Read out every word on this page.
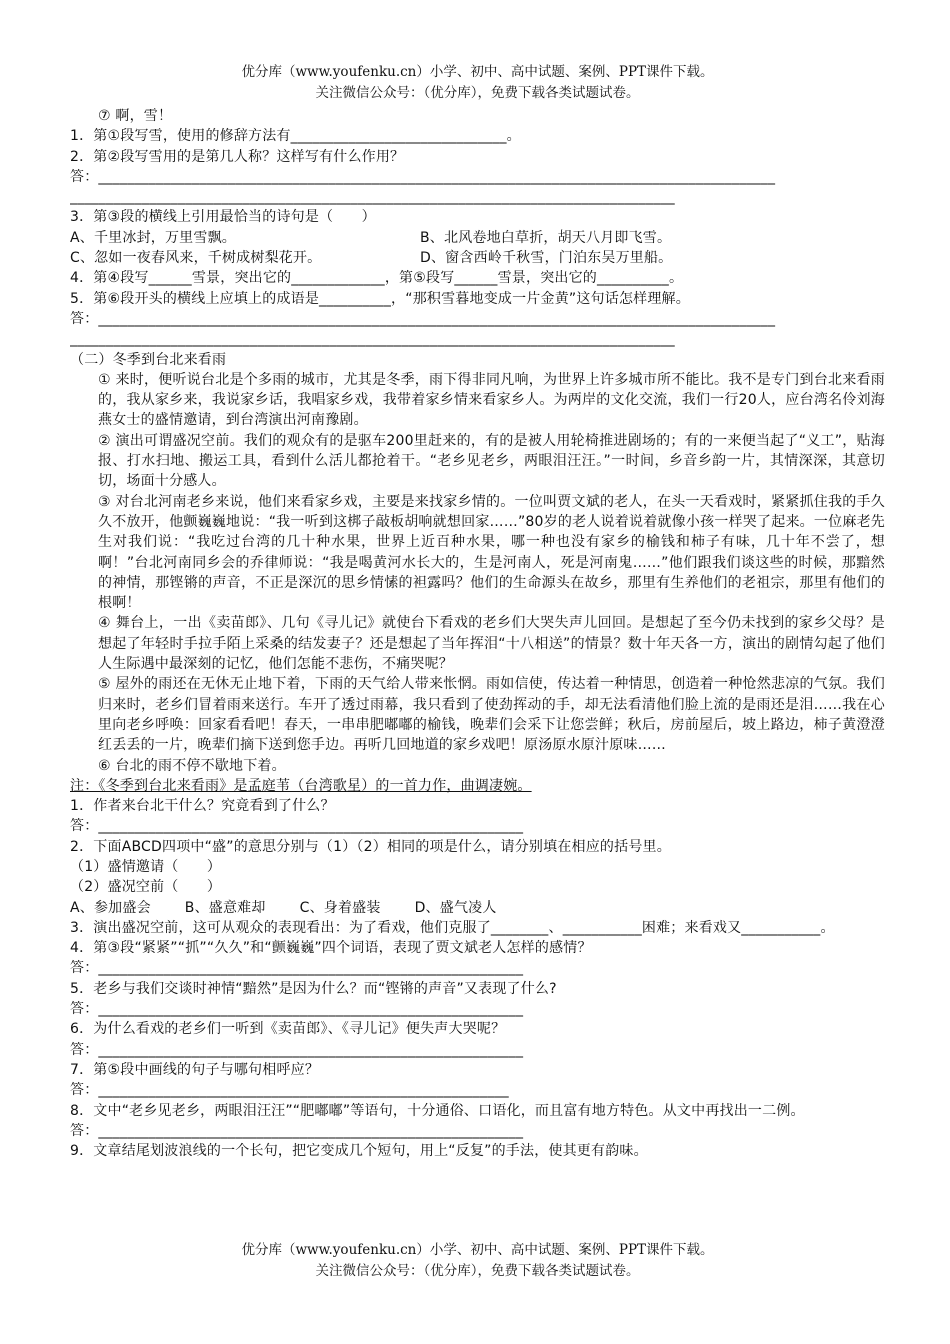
优分库（www.youfenku.cn）小学、初中、高中试题、案例、PPT课件下载。
关注微信公众号：（优分库），免费下载各类试题试卷。
⑦ 啊，雪！
1．第①段写雪，使用的修辞方法有______________________________。
2．第②段写雪用的是第几人称？这样写有什么作用？
答：______________________________________________________________________________________________
____________________________________________________________________________________
3．第③段的横线上引用最恰当的诗句是（　　）
A、千里冰封，万里雪飘。	B、北风卷地白草折，胡天八月即飞雪。
C、忽如一夜春风来，千树成树梨花开。	D、窗含西岭千秋雪，门泊东吴万里船。
4．第④段写______雪景，突出它的_____________，第⑤段写______雪景，突出它的__________。
5．第⑥段开头的横线上应填上的成语是__________，“那积雪暮地变成一片金黄”这句话怎样理解。
答：______________________________________________________________________________________________
____________________________________________________________________________________
（二）冬季到台北来看雨
① 来时，便听说台北是个多雨的城市，尤其是冬季，雨下得非同凡响，为世界上许多城市所不能比。我不是专门到台北来看雨的，我从家乡来，我说家乡话，我唱家乡戏，我带着家乡情来看家乡人。为两岸的文化交流，我们一行20人，应台湾名伶刘海燕女士的盛情邀请，到台湾演出河南豫剧。
② 演出可谓盛况空前。我们的观众有的是驱车200里赶来的，有的是被人用轮椅推进剧场的；有的一来便当起了“义工”，贴海报、打水扫地、搬运工具，看到什么活儿都抢着干。“老乡见老乡，两眼泪汪汪。”一时间，乡音乡韵一片，其情深深，其意切切，场面十分感人。
③ 对台北河南老乡来说，他们来看家乡戏，主要是来找家乡情的。一位叫贾文斌的老人，在头一天看戏时，紧紧抓住我的手久久不放开，他颤巍巍地说：“我一听到这梆子敲板胡响就想回家……”80岁的老人说着说着就像小孩一样哭了起来。一位麻老先生对我们说：“我吃过台湾的几十种水果，世界上近百种水果，哪一种也没有家乡的榆钱和柿子有味，几十年不尝了，想啊！”台北河南同乡会的乔律师说：“我是喝黄河水长大的，生是河南人，死是河南鬼……”他们跟我们谈这些的时候，那黯然的神情，那铿锵的声音，不正是深沉的思乡情愫的袒露吗？他们的生命源头在故乡，那里有生养他们的老祖宗，那里有他们的根啊！
④ 舞台上，一出《卖苗郎》、几句《寻儿记》就使台下看戏的老乡们大哭失声儿回回。是想起了至今仍未找到的家乡父母？是想起了年轻时手拉手陌上采桑的结发妻子？还是想起了当年挥泪“十八相送”的情景？数十年天各一方，演出的剧情勾起了他们人生际遇中最深刻的记忆，他们怎能不悲伤，不痛哭呢？
⑤ 屋外的雨还在无休无止地下着，下雨的天气给人带来怅惘。雨如信使，传达着一种情思，创造着一种怆然悲凉的气氛。我们归来时，老乡们冒着雨来送行。车开了透过雨幕，我只看到了使劲挥动的手，却无法看清他们脸上流的是雨还是泪……我在心里向老乡呼唤：回家看看吧！春天，一串串肥嘟嘟的榆钱，晚辈们会采下让您尝鲜；秋后，房前屋后，坡上路边，柿子黄澄澄红丢丢的一片，晚辈们摘下送到您手边。再听几回地道的家乡戏吧！原汤原水原汁原味……
⑥ 台北的雨不停不歇地下着。
注：《冬季到台北来看雨》是孟庭苇（台湾歌星）的一首力作，曲调凄婉。
1．作者来台北干什么？究竟看到了什么？
答：___________________________________________________________
2．下面ABCD四项中“盛”的意思分别与（1）（2）相同的项是什么，请分别填在相应的括号里。
（1）盛情邀请（　　）
（2）盛况空前（　　）
A、参加盛会 B、盛意难却 C、身着盛装 D、盛气凌人
3．演出盛况空前，这可从观众的表现看出：为了看戏，他们克服了________、___________困难；来看戏又___________。
4．第③段“紧紧”“抓”“久久”和“颤巍巍”四个词语，表现了贾文斌老人怎样的感情？
答：___________________________________________________________
5．老乡与我们交谈时神情“黯然”是因为什么？而“铿锵的声音”又表现了什么?
答：___________________________________________________________
6．为什么看戏的老乡们一听到《卖苗郎》、《寻儿记》便失声大哭呢？
答：___________________________________________________________
7．第⑤段中画线的句子与哪句相呼应？
答：_________________________________________________________
8．文中“老乡见老乡，两眼泪汪汪”“肥嘟嘟”等语句，十分通俗、口语化，而且富有地方特色。从文中再找出一二例。
答：___________________________________________________________
9．文章结尾划波浪线的一个长句，把它变成几个短句，用上“反复”的手法，使其更有韵味。
优分库（www.youfenku.cn）小学、初中、高中试题、案例、PPT课件下载。
关注微信公众号：（优分库），免费下载各类试题试卷。
